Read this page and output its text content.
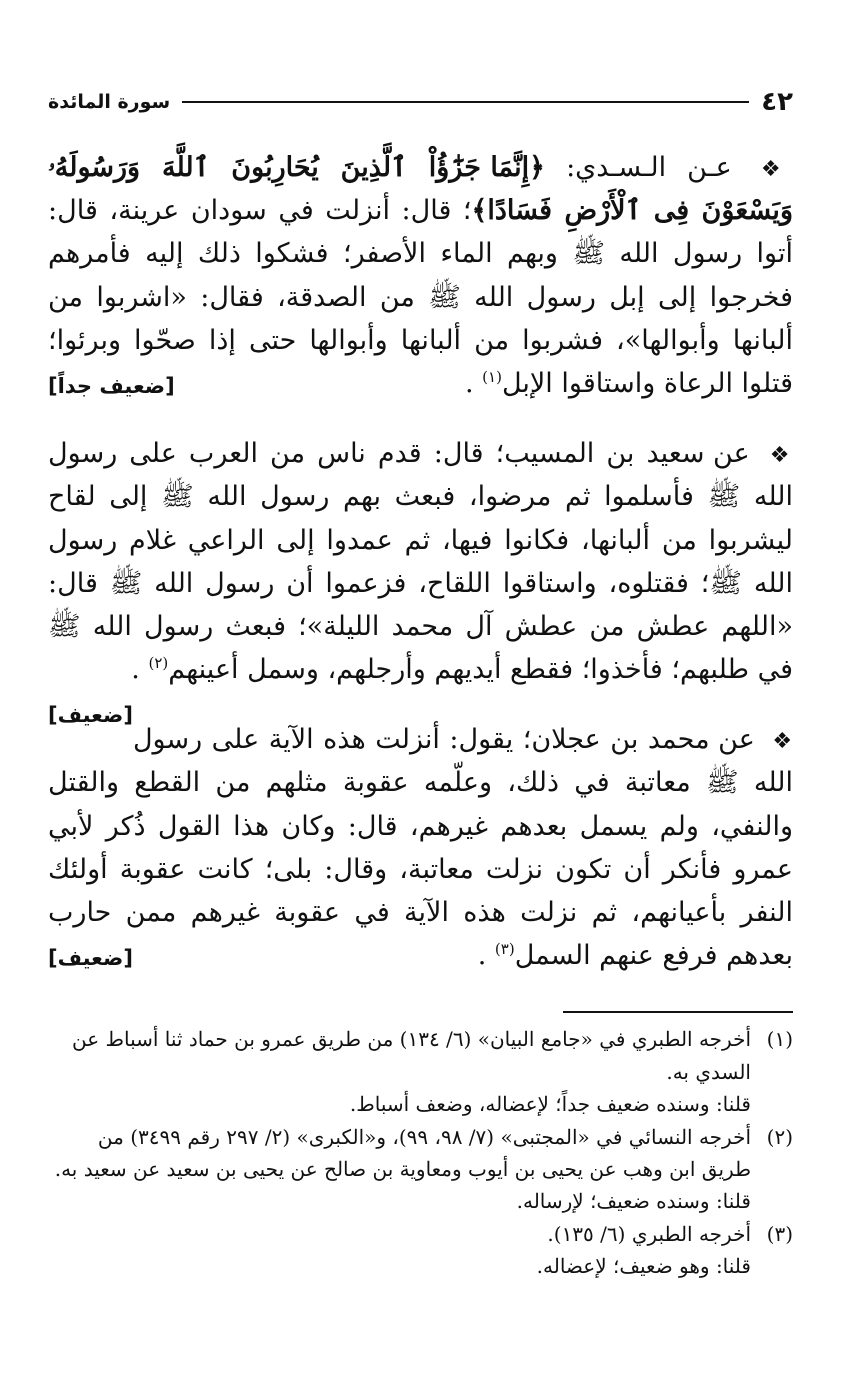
٤٢
سورة المائدة

❖ عـن الـسـدي: ﴿إِنَّمَا جَزَٰٓؤُاْ ٱلَّذِينَ يُحَارِبُونَ ٱللَّهَ وَرَسُولَهُۥ وَيَسْعَوْنَ فِى ٱلْأَرْضِ فَسَادًا﴾؛ قال: أنزلت في سودان عرينة، قال: أتوا رسول الله ﷺ وبهم الماء الأصفر؛ فشكوا ذلك إليه فأمرهم فخرجوا إلى إبل رسول الله ﷺ من الصدقة، فقال: «اشربوا من ألبانها وأبوالها»، فشربوا من ألبانها وأبوالها حتى إذا صحّوا وبرئوا؛ قتلوا الرعاة واستاقوا الإبل$^{(١)}$ .
[ضعيف جداً]

❖ عن سعيد بن المسيب؛ قال: قدم ناس من العرب على رسول الله ﷺ فأسلموا ثم مرضوا، فبعث بهم رسول الله ﷺ إلى لقاح ليشربوا من ألبانها، فكانوا فيها، ثم عمدوا إلى الراعي غلام رسول الله ﷺ؛ فقتلوه، واستاقوا اللقاح، فزعموا أن رسول الله ﷺ قال: «اللهم عطش من عطش آل محمد الليلة»؛ فبعث رسول الله ﷺ في طلبهم؛ فأخذوا؛ فقطع أيديهم وأرجلهم، وسمل أعينهم$^{(٢)}$ .
[ضعيف]

❖ عن محمد بن عجلان؛ يقول: أنزلت هذه الآية على رسول الله ﷺ معاتبة في ذلك، وعلّمه عقوبة مثلهم من القطع والقتل والنفي، ولم يسمل بعدهم غيرهم، قال: وكان هذا القول ذُكر لأبي عمرو فأنكر أن تكون نزلت معاتبة، وقال: بلى؛ كانت عقوبة أولئك النفر بأعيانهم، ثم نزلت هذه الآية في عقوبة غيرهم ممن حارب بعدهم فرفع عنهم السمل$^{(٣)}$ .
[ضعيف]

(١)
أخرجه الطبري في «جامع البيان» (٦/ ١٣٤) من طريق عمرو بن حماد ثنا أسباط عن السدي به.
قلنا: وسنده ضعيف جداً؛ لإعضاله، وضعف أسباط.
(٢)
أخرجه النسائي في «المجتبى» (٧/ ٩٨، ٩٩)، و«الكبرى» (٢/ ٢٩٧ رقم ٣٤٩٩) من طريق ابن وهب عن يحيى بن أيوب ومعاوية بن صالح عن يحيى بن سعيد عن سعيد به.
قلنا: وسنده ضعيف؛ لإرساله.
(٣)
أخرجه الطبري (٦/ ١٣٥).
قلنا: وهو ضعيف؛ لإعضاله.
